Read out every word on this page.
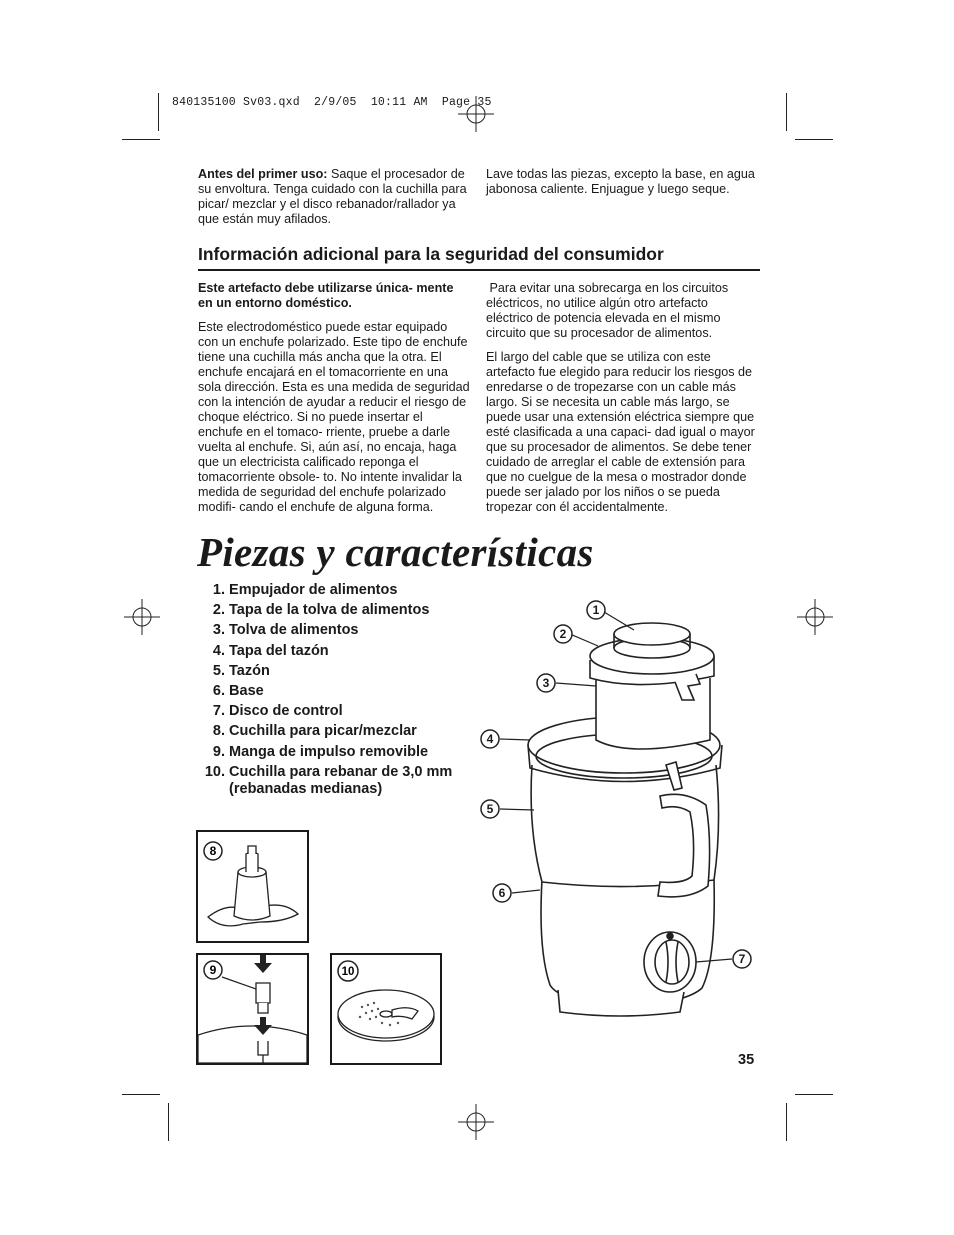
840135100 Sv03.qxd  2/9/05  10:11 AM  Page 35

Antes del primer uso: Saque el procesador de su envoltura. Tenga cuidado con la cuchilla para picar/ mezclar y el disco rebanador/rallador ya que están muy afilados.

Lave todas las piezas, excepto la base, en agua jabonosa caliente. Enjuague y luego seque.

Información adicional para la seguridad del consumidor

Este artefacto debe utilizarse única- mente en un entorno doméstico.

Este electrodoméstico puede estar equipado con un enchufe polarizado. Este tipo de enchufe tiene una cuchilla más ancha que la otra. El enchufe encajará en el tomacorriente en una sola dirección. Esta es una medida de seguridad con la intención de ayudar a reducir el riesgo de choque eléctrico. Si no puede insertar el enchufe en el tomaco- rriente, pruebe a darle vuelta al enchufe. Si, aún así, no encaja, haga que un electricista calificado reponga el tomacorriente obsole- to. No intente invalidar la medida de seguridad del enchufe polarizado modifi- cando el enchufe de alguna forma.

Para evitar una sobrecarga en los circuitos eléctricos, no utilice algún otro artefacto eléctrico de potencia elevada en el mismo circuito que su procesador de alimentos.

El largo del cable que se utiliza con este artefacto fue elegido para reducir los riesgos de enredarse o de tropezarse con un cable más largo. Si se necesita un cable más largo, se puede usar una extensión eléctrica siempre que esté clasificada a una capaci- dad igual o mayor que su procesador de alimentos. Se debe tener cuidado de arreglar el cable de extensión para que no cuelgue de la mesa o mostrador donde puede ser jalado por los niños o se pueda tropezar con él accidentalmente.

Piezas y características
1.
Empujador de alimentos
2.
Tapa de la tolva de alimentos
3.
Tolva de alimentos
4.
Tapa del tazón
5.
Tazón
6.
Base
7.
Disco de control
8.
Cuchilla para picar/mezclar
9.
Manga de impulso removible
10.
Cuchilla para rebanar de 3,0 mm (rebanadas medianas)
1
2
3
4
5
6
7
8
9	10
35
